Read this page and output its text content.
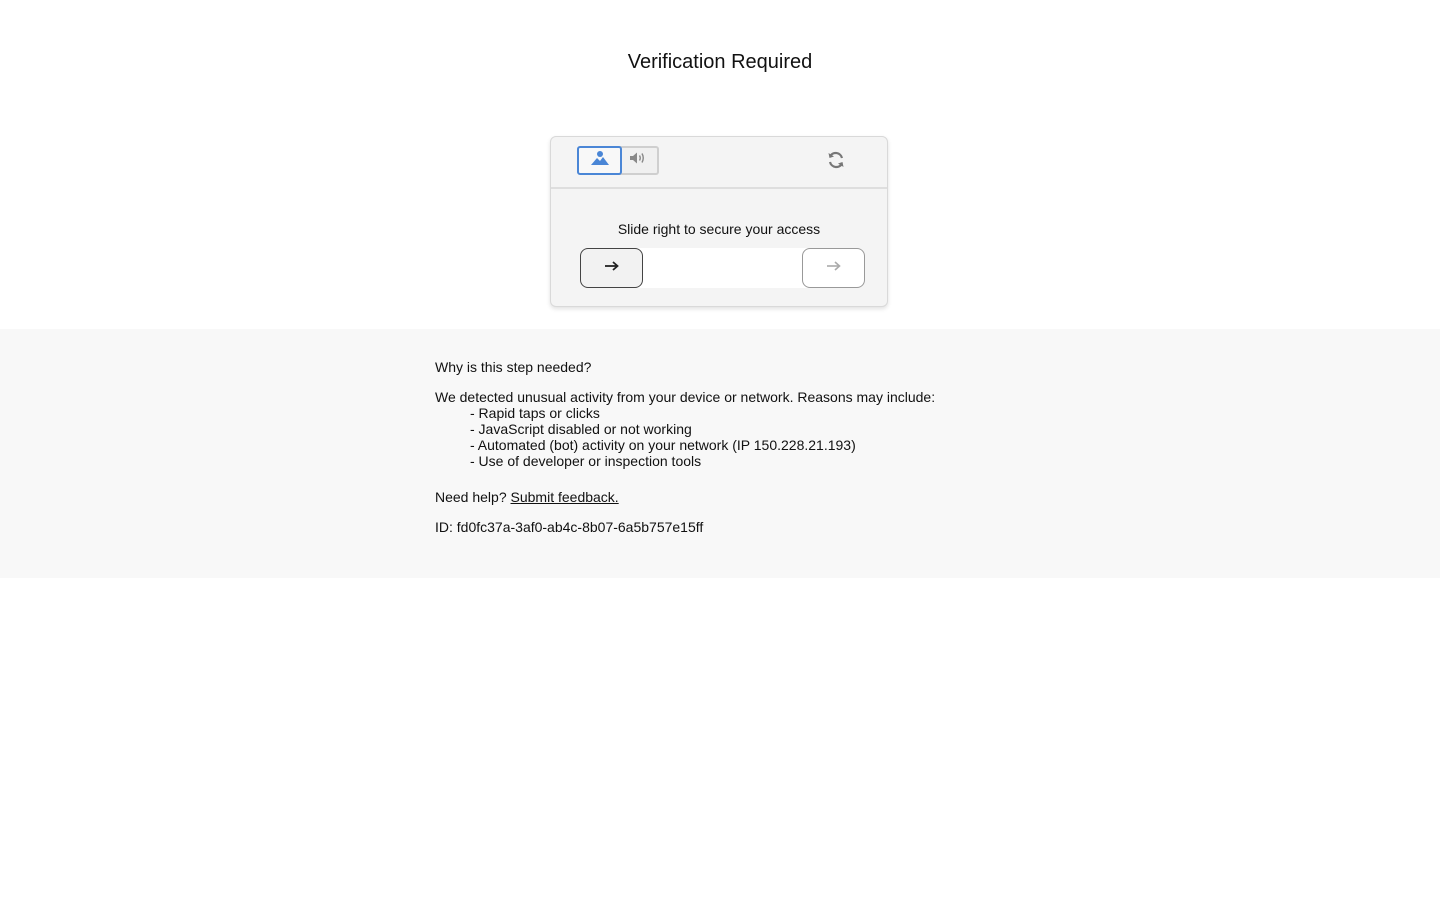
Verification Required
Slide right to secure your access
Why is this step needed?
We detected unusual activity from your device or network. Reasons may include:
- Rapid taps or clicks
- JavaScript disabled or not working
- Automated (bot) activity on your network (IP 150.228.21.193)
- Use of developer or inspection tools
Need help? Submit feedback.
ID: fd0fc37a-3af0-ab4c-8b07-6a5b757e15ff
